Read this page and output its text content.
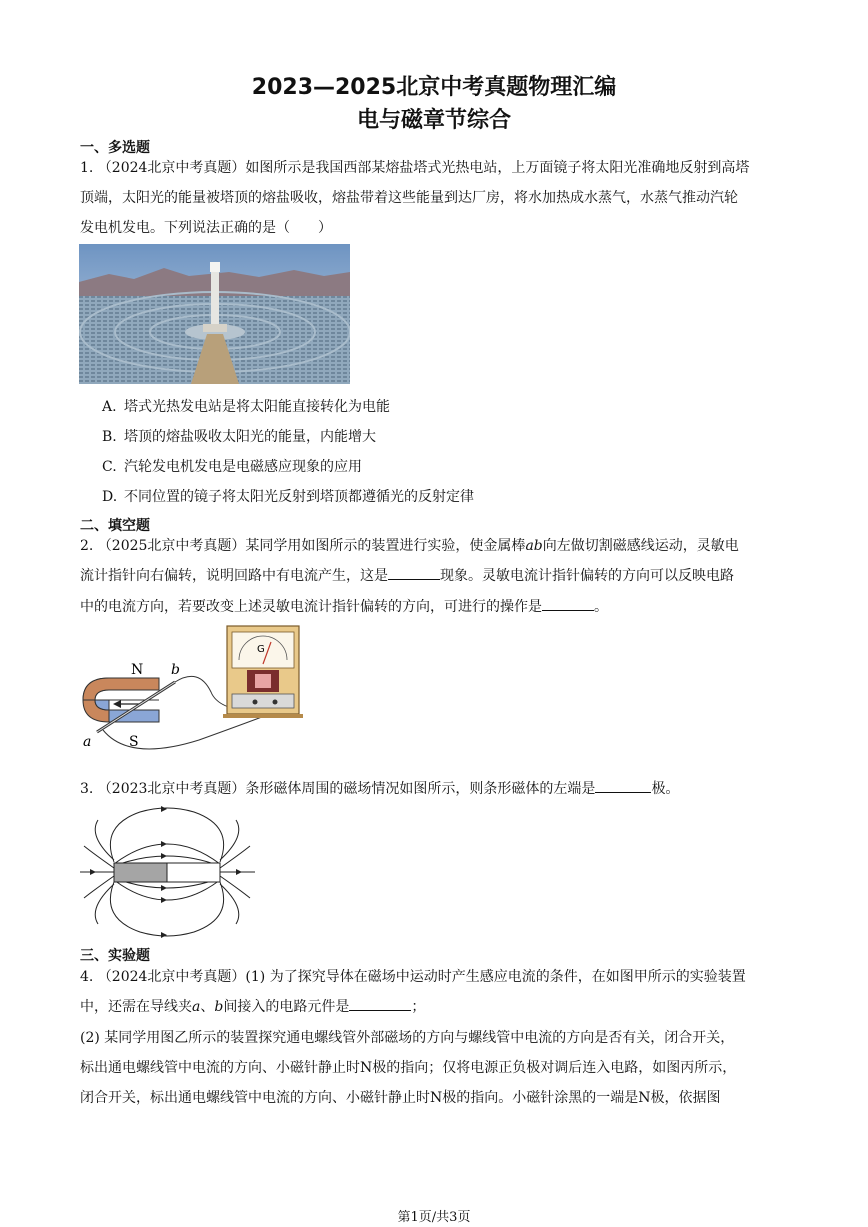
2023—2025北京中考真题物理汇编
电与磁章节综合
一、多选题
1. （2024北京中考真题）如图所示是我国西部某熔盐塔式光热电站，上万面镜子将太阳光准确地反射到高塔
顶端，太阳光的能量被塔顶的熔盐吸收，熔盐带着这些能量到达厂房，将水加热成水蒸气，水蒸气推动汽轮
发电机发电。下列说法正确的是（　　）
A. 塔式光热发电站是将太阳能直接转化为电能
B. 塔顶的熔盐吸收太阳光的能量，内能增大
C. 汽轮发电机发电是电磁感应现象的应用
D. 不同位置的镜子将太阳光反射到塔顶都遵循光的反射定律
二、填空题
2. （2025北京中考真题）某同学用如图所示的装置进行实验，使金属棒ab向左做切割磁感线运动，灵敏电
流计指针向右偏转，说明回路中有电流产生，这是	现象。灵敏电流计指针偏转的方向可以反映电路
中的电流方向，若要改变上述灵敏电流计指针偏转的方向，可进行的操作是	。
N
S
a
b
G
3. （2023北京中考真题）条形磁体周围的磁场情况如图所示，则条形磁体的左端是	极。
三、实验题
4. （2024北京中考真题）(1) 为了探究导体在磁场中运动时产生感应电流的条件，在如图甲所示的实验装置
中，还需在导线夹a、b间接入的电路元件是	；
(2) 某同学用图乙所示的装置探究通电螺线管外部磁场的方向与螺线管中电流的方向是否有关，闭合开关，
标出通电螺线管中电流的方向、小磁针静止时N极的指向；仅将电源正负极对调后连入电路，如图丙所示，
闭合开关，标出通电螺线管中电流的方向、小磁针静止时N极的指向。小磁针涂黑的一端是N极，依据图
第1页/共3页
